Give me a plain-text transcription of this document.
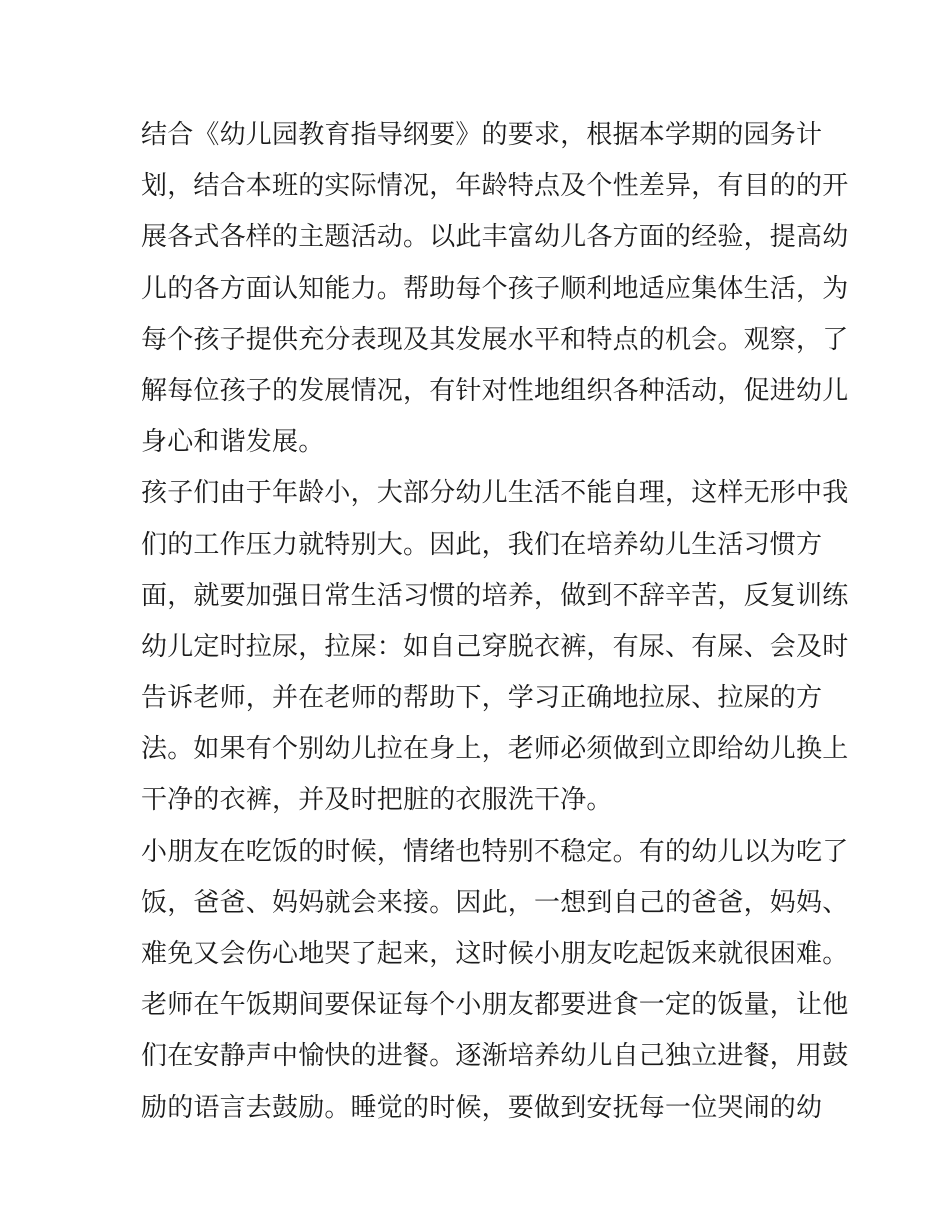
结合《幼儿园教育指导纲要》的要求，根据本学期的园务计
划，结合本班的实际情况，年龄特点及个性差异，有目的的开
展各式各样的主题活动。以此丰富幼儿各方面的经验，提高幼
儿的各方面认知能力。帮助每个孩子顺利地适应集体生活，为
每个孩子提供充分表现及其发展水平和特点的机会。观察，了
解每位孩子的发展情况，有针对性地组织各种活动，促进幼儿
身心和谐发展。
孩子们由于年龄小，大部分幼儿生活不能自理，这样无形中我
们的工作压力就特别大。因此，我们在培养幼儿生活习惯方
面，就要加强日常生活习惯的培养，做到不辞辛苦，反复训练
幼儿定时拉尿，拉屎：如自己穿脱衣裤，有尿、有屎、会及时
告诉老师，并在老师的帮助下，学习正确地拉尿、拉屎的方
法。如果有个别幼儿拉在身上，老师必须做到立即给幼儿换上
干净的衣裤，并及时把脏的衣服洗干净。
小朋友在吃饭的时候，情绪也特别不稳定。有的幼儿以为吃了
饭，爸爸、妈妈就会来接。因此，一想到自己的爸爸，妈妈、
难免又会伤心地哭了起来，这时候小朋友吃起饭来就很困难。
老师在午饭期间要保证每个小朋友都要进食一定的饭量，让他
们在安静声中愉快的进餐。逐渐培养幼儿自己独立进餐，用鼓
励的语言去鼓励。睡觉的时候，要做到安抚每一位哭闹的幼
